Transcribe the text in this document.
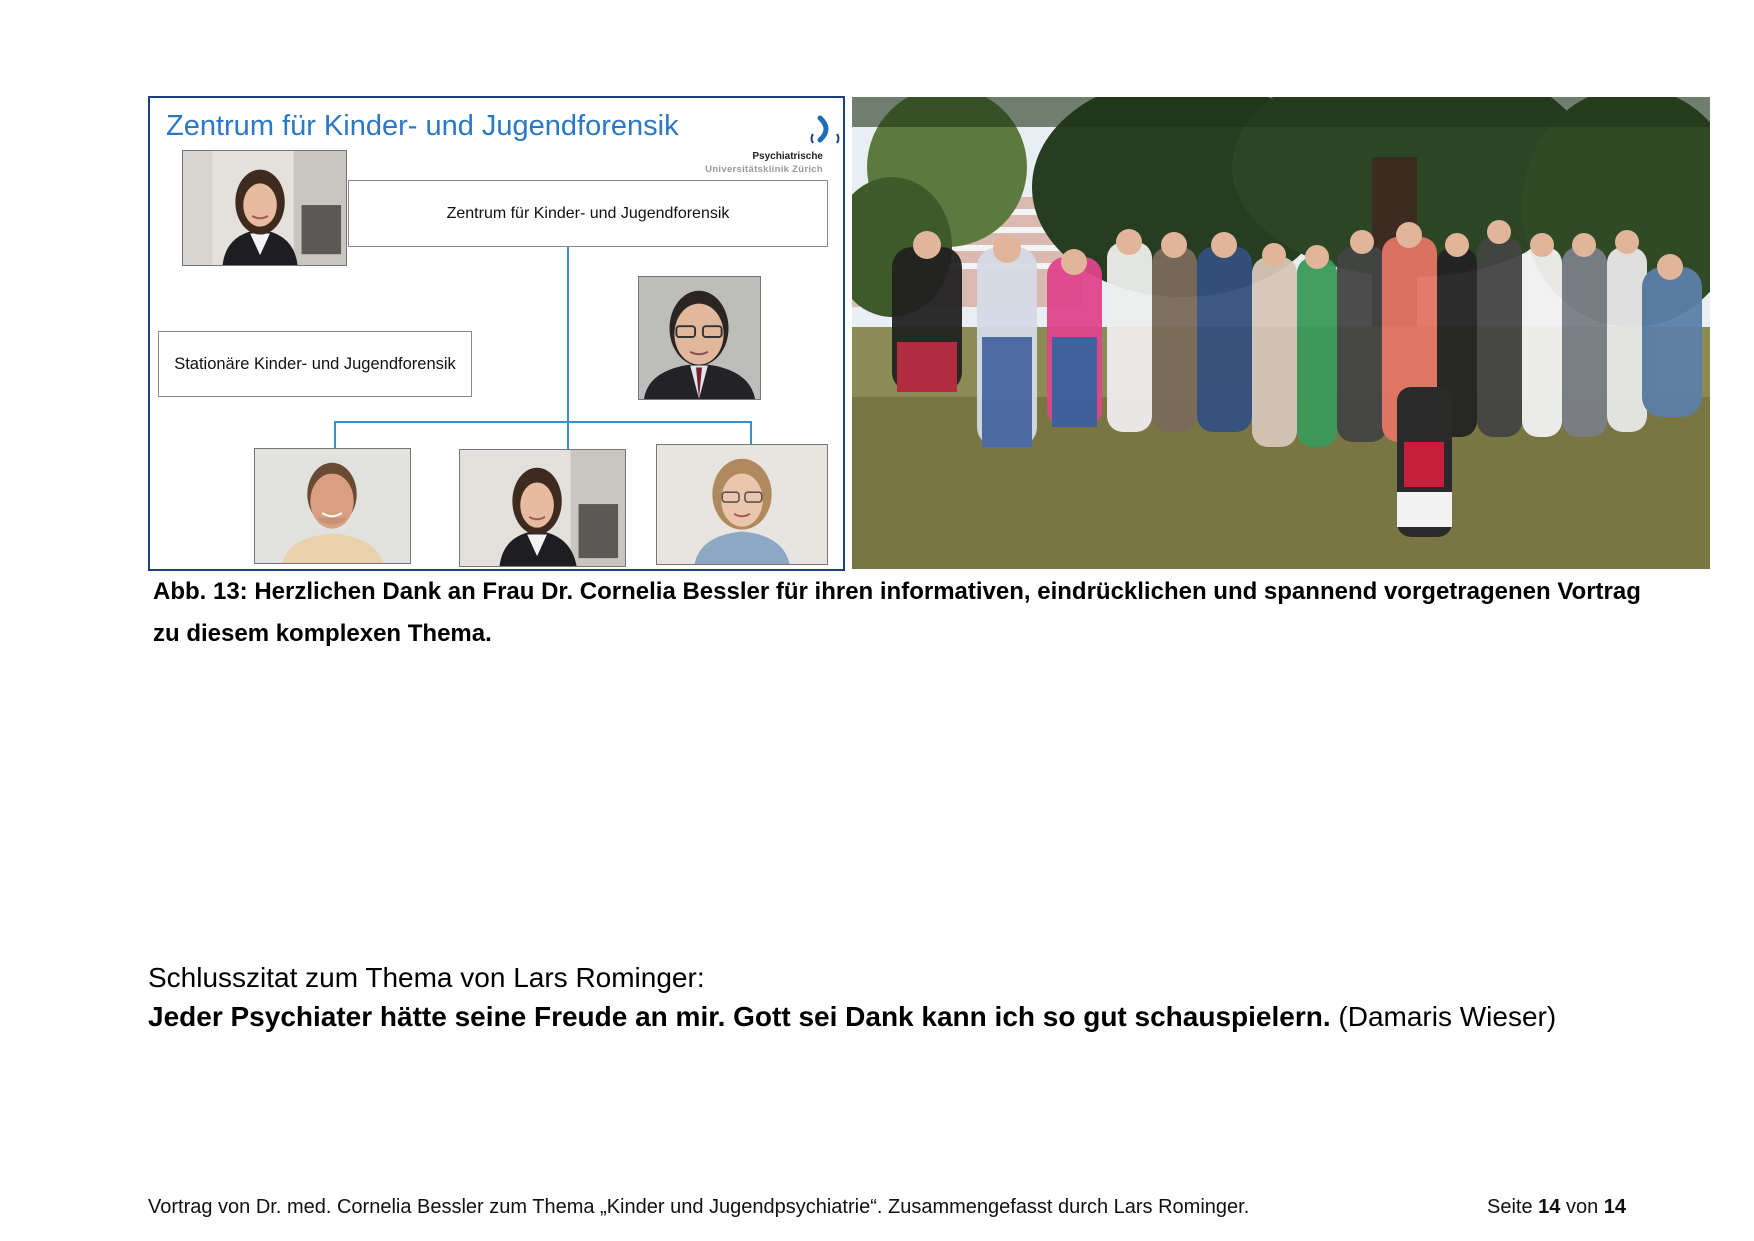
Zentrum für Kinder- und Jugendforensik
Psychiatrische
Universitätsklinik Zürich
Zentrum für Kinder- und Jugendforensik
Stationäre Kinder- und Jugendforensik
Abb. 13: Herzlichen Dank an Frau Dr. Cornelia Bessler für ihren informativen, eindrücklichen und spannend vorgetragenen Vortrag zu diesem komplexen Thema.
Schlusszitat zum Thema von Lars Rominger:
Jeder Psychiater hätte seine Freude an mir. Gott sei Dank kann ich so gut schauspielern. (Damaris Wieser)
Vortrag von Dr. med. Cornelia Bessler zum Thema „Kinder und Jugendpsychiatrie“. Zusammengefasst durch Lars Rominger.	Seite 14 von 14
